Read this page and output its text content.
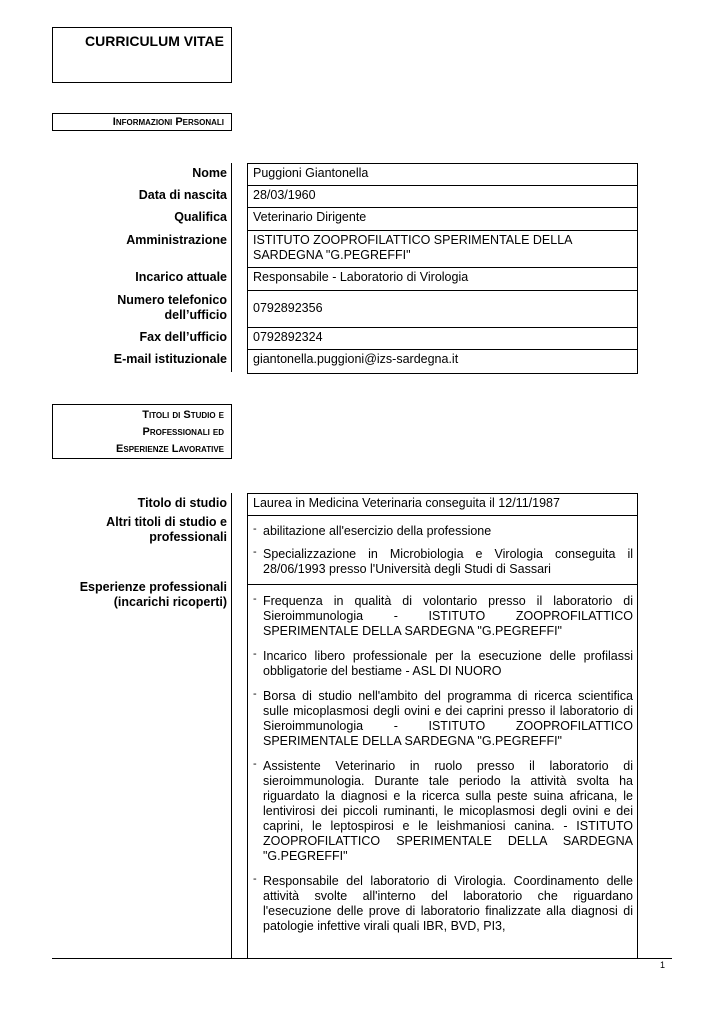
CURRICULUM VITAE
Informazioni Personali
Nome
Data di nascita
Qualifica
Amministrazione
Incarico attuale
Numero telefonico
dell’ufficio
Fax dell’ufficio
E-mail istituzionale
Puggioni Giantonella
28/03/1960
Veterinario Dirigente
ISTITUTO ZOOPROFILATTICO SPERIMENTALE DELLA
SARDEGNA "G.PEGREFFI"
Responsabile - Laboratorio di Virologia
0792892356
0792892324
giantonella.puggioni@izs-sardegna.it
Titoli di Studio e
Professionali ed
Esperienze Lavorative
Titolo di studio
Altri titoli di studio e
professionali
Esperienze professionali
(incarichi ricoperti)
Laurea in Medicina Veterinaria conseguita il 12/11/1987
- abilitazione all'esercizio della professione
- Specializzazione in Microbiologia e Virologia conseguita il 28/06/1993 presso l'Università degli Studi di Sassari
- Frequenza in qualità di volontario presso il laboratorio di Sieroimmunologia - ISTITUTO ZOOPROFILATTICO SPERIMENTALE DELLA SARDEGNA "G.PEGREFFI"
- Incarico libero professionale per la esecuzione delle profilassi obbligatorie del bestiame - ASL DI NUORO
- Borsa di studio nell'ambito del programma di ricerca scientifica sulle micoplasmosi degli ovini e dei caprini presso il laboratorio di Sieroimmunologia - ISTITUTO ZOOPROFILATTICO SPERIMENTALE DELLA SARDEGNA "G.PEGREFFI"
- Assistente Veterinario in ruolo presso il laboratorio di sieroimmunologia. Durante tale periodo la attività svolta ha riguardato la diagnosi e la ricerca sulla peste suina africana, le lentivirosi dei piccoli ruminanti, le micoplasmosi degli ovini e dei caprini, le leptospirosi e le leishmaniosi canina. - ISTITUTO ZOOPROFILATTICO SPERIMENTALE DELLA SARDEGNA "G.PEGREFFI"
- Responsabile del laboratorio di Virologia. Coordinamento delle attività svolte all'interno del laboratorio che riguardano l'esecuzione delle prove di laboratorio finalizzate alla diagnosi di patologie infettive virali quali IBR, BVD, PI3,
1
